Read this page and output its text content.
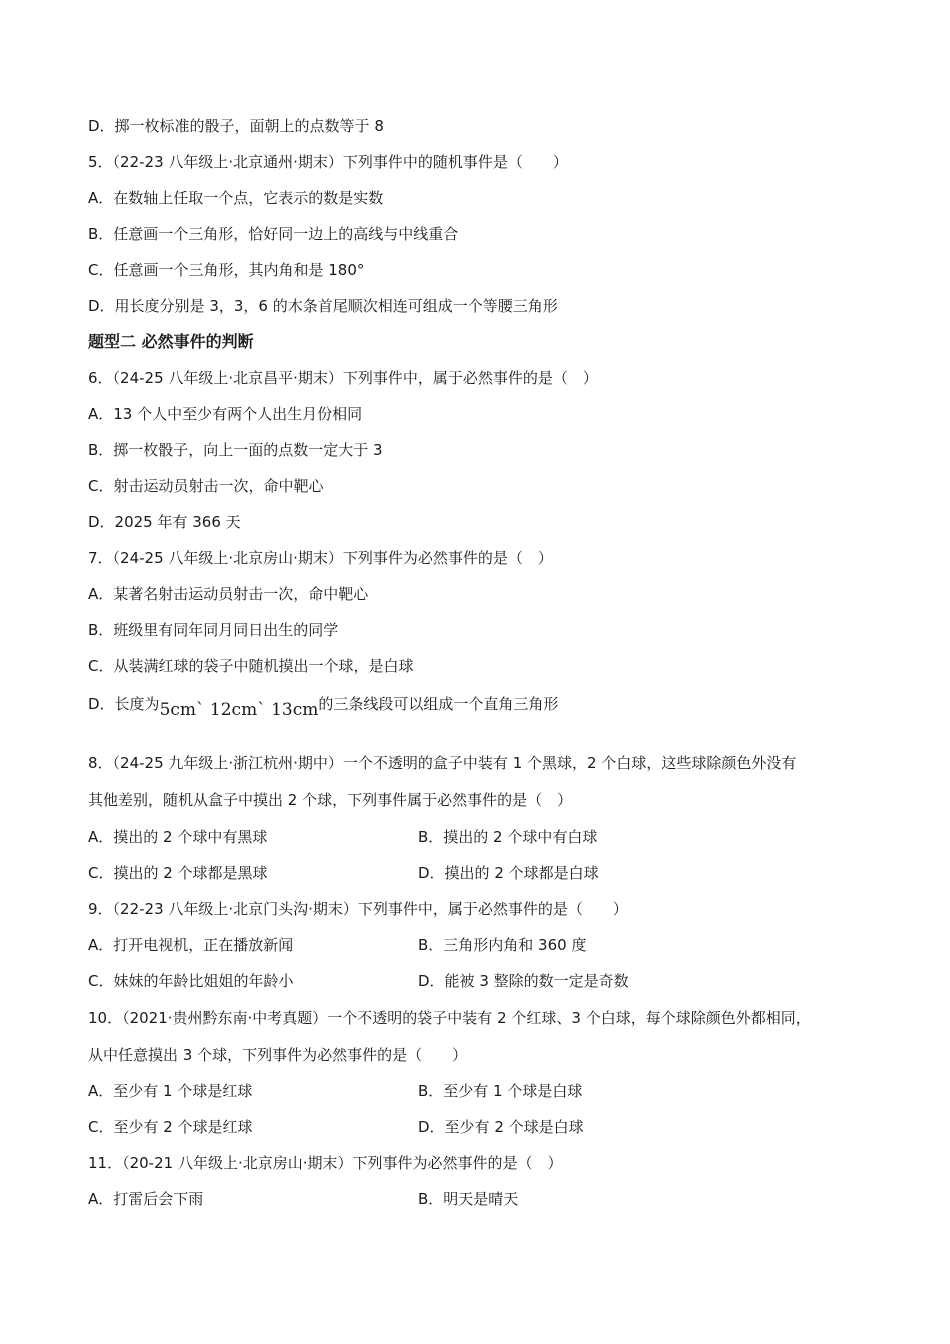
D．掷一枚标准的骰子，面朝上的点数等于 8
5．（22-23 八年级上·北京通州·期末）下列事件中的随机事件是（　　）
A．在数轴上任取一个点，它表示的数是实数
B．任意画一个三角形，恰好同一边上的高线与中线重合
C．任意画一个三角形，其内角和是 180°
D．用长度分别是 3，3，6 的木条首尾顺次相连可组成一个等腰三角形
题型二 必然事件的判断
6．（24-25 八年级上·北京昌平·期末）下列事件中，属于必然事件的是（　）
A．13 个人中至少有两个人出生月份相同
B．掷一枚骰子，向上一面的点数一定大于 3
C．射击运动员射击一次，命中靶心
D．2025 年有 366 天
7．（24-25 八年级上·北京房山·期末）下列事件为必然事件的是（　）
A．某著名射击运动员射击一次，命中靶心
B．班级里有同年同月同日出生的同学
C．从装满红球的袋子中随机摸出一个球，是白球
D．长度为5cm` 12cm` 13cm的三条线段可以组成一个直角三角形
8．（24-25 九年级上·浙江杭州·期中）一个不透明的盒子中装有 1 个黑球，2 个白球，这些球除颜色外没有
其他差别，随机从盒子中摸出 2 个球，下列事件属于必然事件的是（　）
A．摸出的 2 个球中有黑球	B．摸出的 2 个球中有白球
C．摸出的 2 个球都是黑球	D．摸出的 2 个球都是白球
9．（22-23 八年级上·北京门头沟·期末）下列事件中，属于必然事件的是（　　）
A．打开电视机，正在播放新闻	B．三角形内角和 360 度
C．妹妹的年龄比姐姐的年龄小	D．能被 3 整除的数一定是奇数
10．（2021·贵州黔东南·中考真题）一个不透明的袋子中装有 2 个红球、3 个白球，每个球除颜色外都相同，
从中任意摸出 3 个球，下列事件为必然事件的是（　　）
A．至少有 1 个球是红球	B．至少有 1 个球是白球
C．至少有 2 个球是红球	D．至少有 2 个球是白球
11．（20-21 八年级上·北京房山·期末）下列事件为必然事件的是（　）
A．打雷后会下雨	B．明天是晴天
